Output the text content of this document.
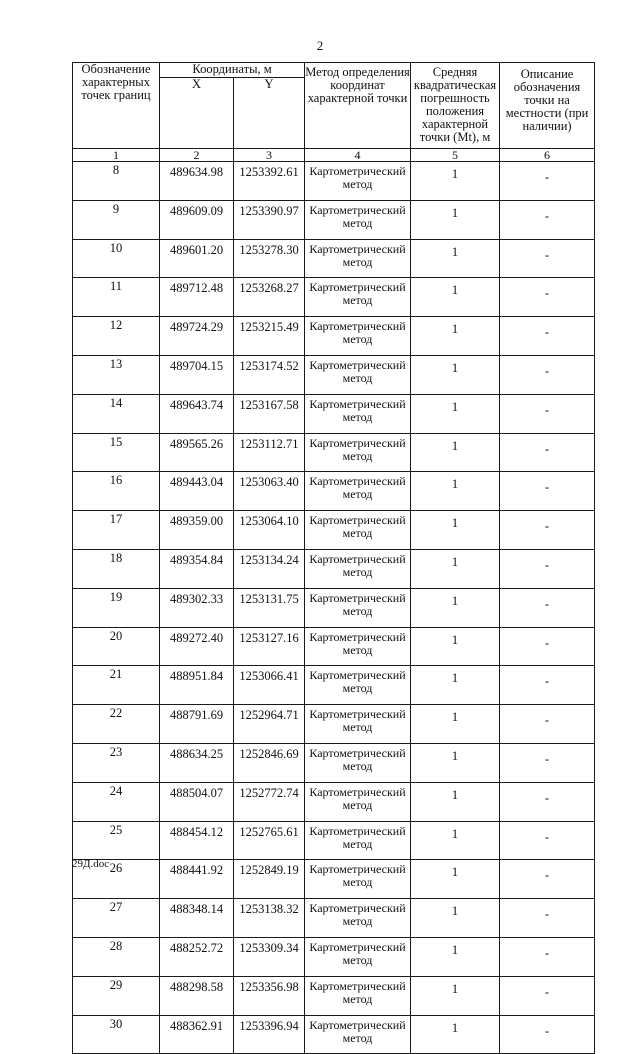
2
Обозначение характерных точек границ	Координаты, м		Метод определения координат характерной точки	Средняя квадратическая погрешность положения характерной точки (Mt), м	Описание обозначения точки на местности (при наличии)
	X	Y			
1	2	3	4	5	6
8	489634.98	1253392.61	Картометрический метод	1	-
9	489609.09	1253390.97	Картометрический метод	1	-
10	489601.20	1253278.30	Картометрический метод	1	-
11	489712.48	1253268.27	Картометрический метод	1	-
12	489724.29	1253215.49	Картометрический метод	1	-
13	489704.15	1253174.52	Картометрический метод	1	-
14	489643.74	1253167.58	Картометрический метод	1	-
15	489565.26	1253112.71	Картометрический метод	1	-
16	489443.04	1253063.40	Картометрический метод	1	-
17	489359.00	1253064.10	Картометрический метод	1	-
18	489354.84	1253134.24	Картометрический метод	1	-
19	489302.33	1253131.75	Картометрический метод	1	-
20	489272.40	1253127.16	Картометрический метод	1	-
21	488951.84	1253066.41	Картометрический метод	1	-
22	488791.69	1252964.71	Картометрический метод	1	-
23	488634.25	1252846.69	Картометрический метод	1	-
24	488504.07	1252772.74	Картометрический метод	1	-
25	488454.12	1252765.61	Картометрический метод	1	-
26	488441.92	1252849.19	Картометрический метод	1	-
27	488348.14	1253138.32	Картометрический метод	1	-
28	488252.72	1253309.34	Картометрический метод	1	-
29	488298.58	1253356.98	Картометрический метод	1	-
30	488362.91	1253396.94	Картометрический метод	1	-
29Д.doc
